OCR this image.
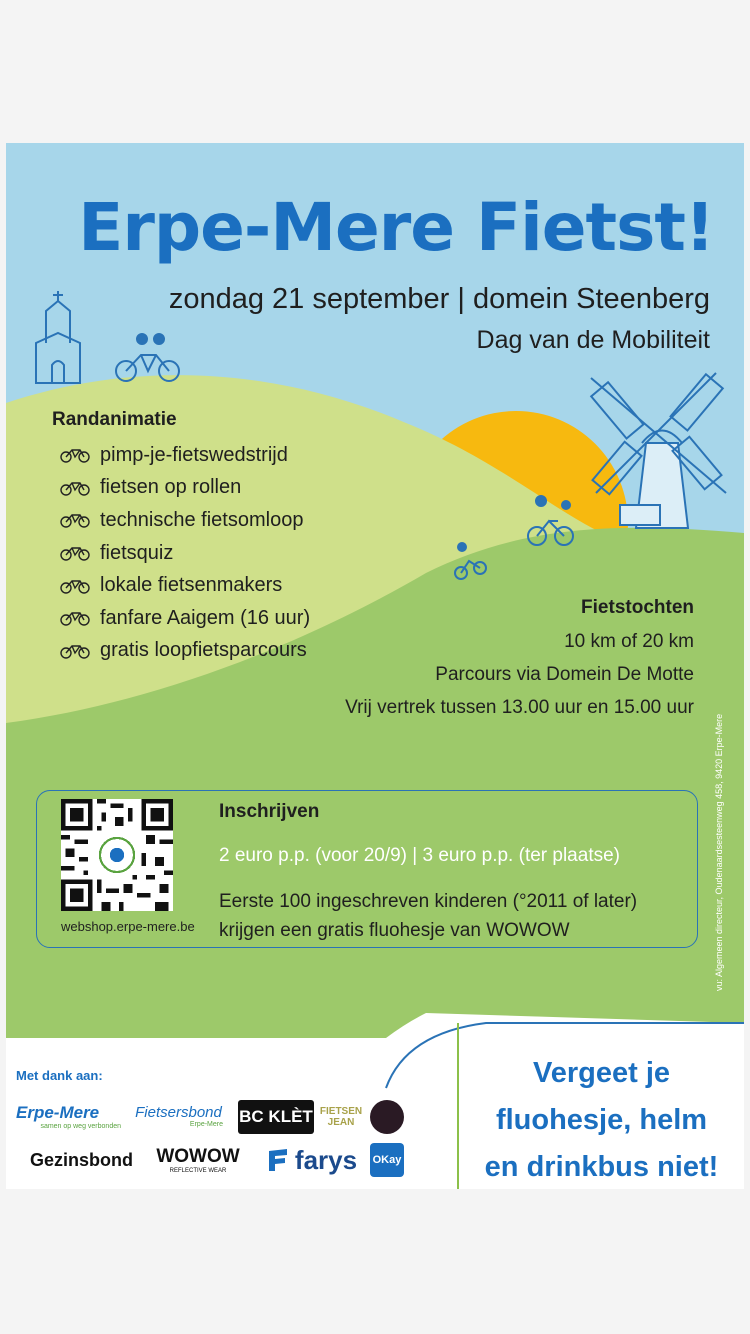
Erpe-Mere Fietst!

zondag 21 september | domein Steenberg

Dag van de Mobiliteit

Randanimatie
pimp-je-fietswedstrijd
fietsen op rollen
technische fietsomloop
fietsquiz
lokale fietsenmakers
fanfare Aaigem (16 uur)
gratis loopfietsparcours
Fietstochten
10 km of 20 km
Parcours via Domein De Motte
Vrij vertrek tussen 13.00 uur en 15.00 uur
webshop.erpe-mere.be
Inschrijven
2 euro p.p. (voor 20/9) | 3 euro p.p. (ter plaatse)
Eerste 100 ingeschreven kinderen (°2011 of later)
krijgen een gratis fluohesje van WOWOW	vu: Algemeen directeur, Oudenaardsesteenweg 458, 9420 Erpe-Mere
Met dank aan:
Erpe-Mere
samen op weg verbonden
Fietsersbond
Erpe-Mere BC KLÈT FIETSEN JEAN
Gezinsbond WOWOW
REFLECTIVE WEAR	farys OKay
Vergeet je
fluohesje, helm
en drinkbus niet!
